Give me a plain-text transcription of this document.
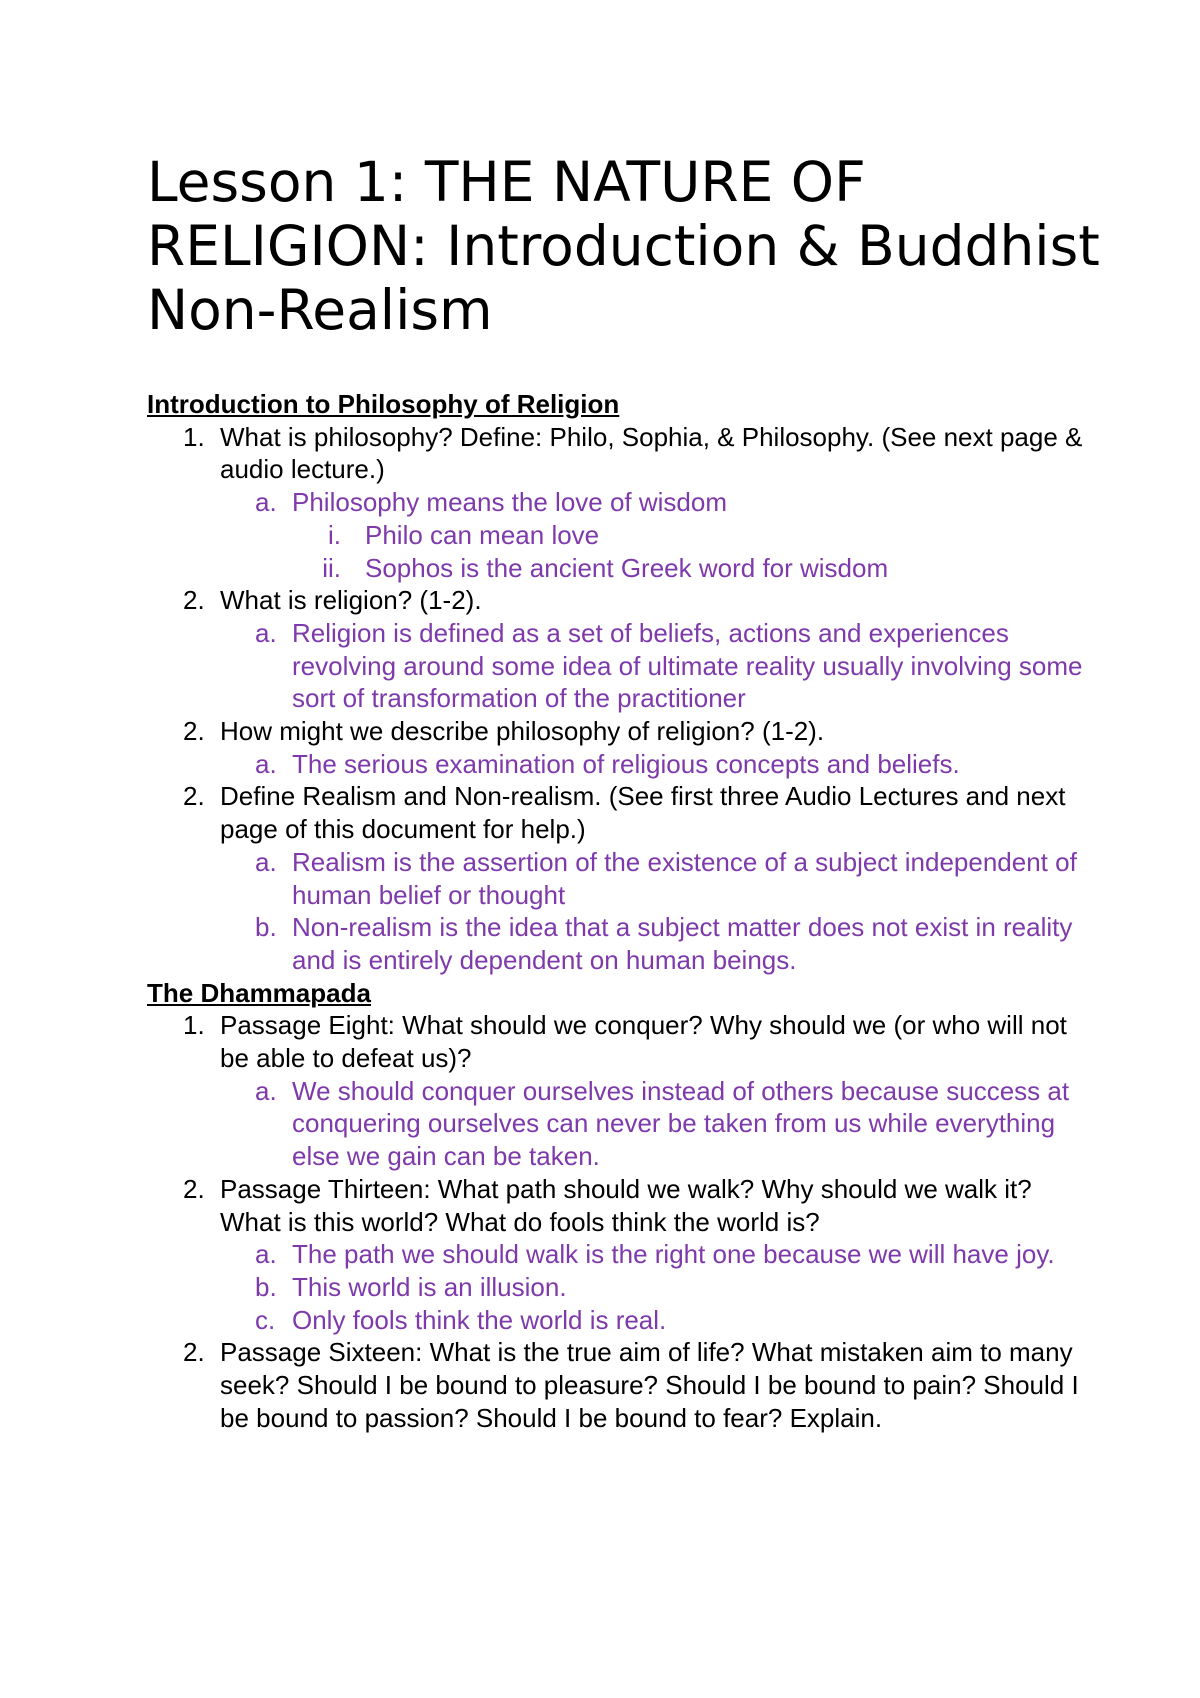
Lesson 1: THE NATURE OF RELIGION: Introduction & Buddhist Non-Realism

Introduction to Philosophy of Religion

1. What is philosophy? Define: Philo, Sophia, & Philosophy. (See next page & audio lecture.)
a. Philosophy means the love of wisdom
i. Philo can mean love
ii. Sophos is the ancient Greek word for wisdom
2. What is religion? (1-2).
a. Religion is defined as a set of beliefs, actions and experiences revolving around some idea of ultimate reality usually involving some sort of transformation of the practitioner
2. How might we describe philosophy of religion? (1-2).
a. The serious examination of religious concepts and beliefs.
2. Define Realism and Non-realism. (See first three Audio Lectures and next page of this document for help.)
a. Realism is the assertion of the existence of a subject independent of human belief or thought
b. Non-realism is the idea that a subject matter does not exist in reality and is entirely dependent on human beings.

The Dhammapada

1. Passage Eight: What should we conquer? Why should we (or who will not be able to defeat us)?
a. We should conquer ourselves instead of others because success at conquering ourselves can never be taken from us while everything else we gain can be taken.
2. Passage Thirteen: What path should we walk? Why should we walk it? What is this world? What do fools think the world is?
a. The path we should walk is the right one because we will have joy.
b. This world is an illusion.
c. Only fools think the world is real.
2. Passage Sixteen: What is the true aim of life? What mistaken aim to many seek? Should I be bound to pleasure? Should I be bound to pain? Should I be bound to passion? Should I be bound to fear? Explain.
